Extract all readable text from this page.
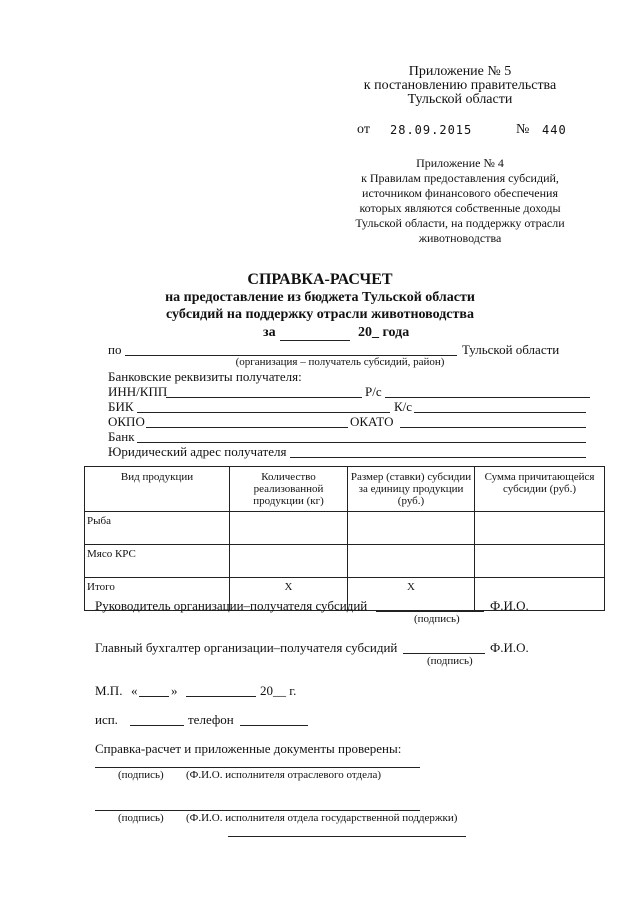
Приложение № 5
к постановлению правительства
Тульской области
от 28.09.2015	№ 440
Приложение № 4
к Правилам предоставления субсидий,
источником финансового обеспечения
которых являются собственные доходы
Тульской области, на поддержку отрасли
животноводства
СПРАВКА-РАСЧЕТ
на предоставление из бюджета Тульской области
субсидий на поддержку отрасли животноводства
за	20_ года
по	Тульской области
(организация – получатель субсидий, район)
Банковские реквизиты получателя:
ИНН/КПП	Р/с
БИК	К/с
ОКПО	ОКАТО
Банк
Юридический адрес получателя
Вид продукции	Количество реализованной продукции (кг)	Размер (ставки) субсидии за единицу продукции (руб.)	Сумма причитающейся субсидии (руб.)
Рыба			
Мясо КРС			
Итого	Х	Х	
Руководитель организации–получателя субсидий	Ф.И.О.
(подпись)
Главный бухгалтер организации–получателя субсидий	Ф.И.О.
(подпись)
М.П. «	»	20__ г.
исп.	телефон
Справка-расчет и приложенные документы проверены:
(подпись) (Ф.И.О. исполнителя отраслевого отдела)
(подпись) (Ф.И.О. исполнителя отдела государственной поддержки)
